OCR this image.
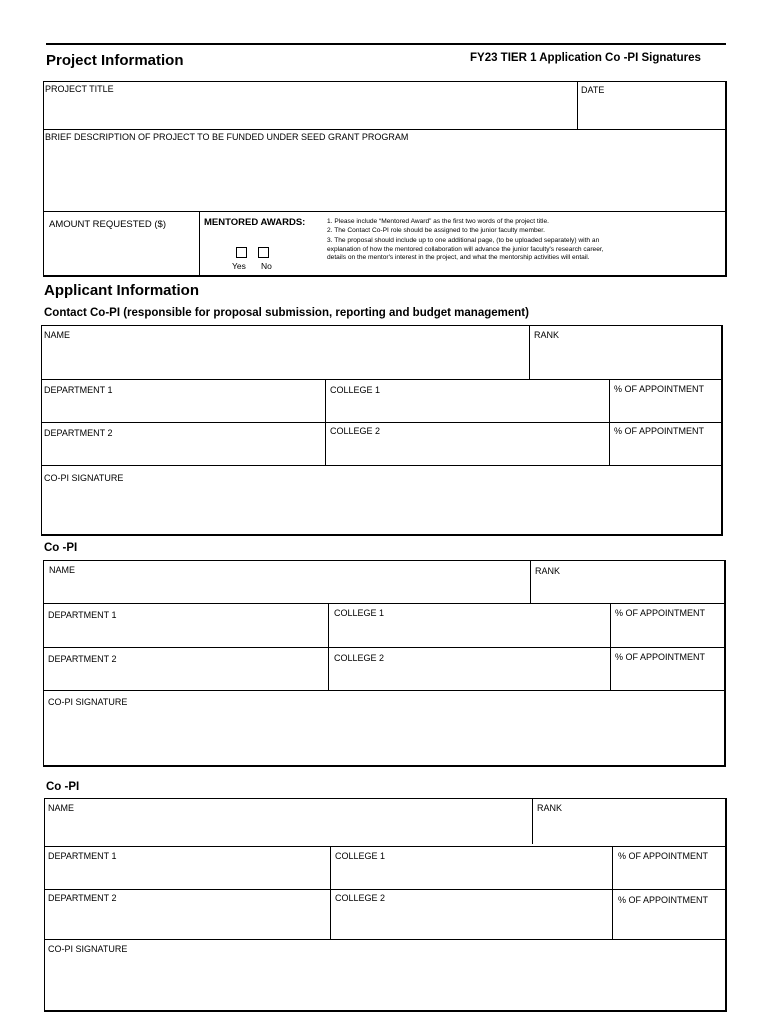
Project Information	FY23 TIER 1 Application Co -PI Signatures
PROJECT TITLE	DATE
BRIEF DESCRIPTION OF PROJECT TO BE FUNDED UNDER SEED GRANT PROGRAM
AMOUNT REQUESTED ($)	MENTORED AWARDS:
Yes No
1. Please include “Mentored Award” as the first two words of the project title.
2. The Contact Co-PI role should be assigned to the junior faculty member.
3. The proposal should include up to one additional page, (to be uploaded separately) with an
explanation of how the mentored collaboration will advance the junior faculty's research career,
details on the mentor's interest in the project, and what the mentorship activities will entail.
Applicant Information
Contact Co-PI (responsible for proposal submission, reporting and budget management)
NAME	RANK
DEPARTMENT 1	COLLEGE 1	% OF APPOINTMENT
DEPARTMENT 2	COLLEGE 2	% OF APPOINTMENT
CO-PI SIGNATURE
Co -PI
NAME	RANK
DEPARTMENT 1	COLLEGE 1	% OF APPOINTMENT
DEPARTMENT 2	COLLEGE 2	% OF APPOINTMENT
CO-PI SIGNATURE
Co -PI
NAME	RANK
DEPARTMENT 1	COLLEGE 1	% OF APPOINTMENT
DEPARTMENT 2	COLLEGE 2	% OF APPOINTMENT
CO-PI SIGNATURE
